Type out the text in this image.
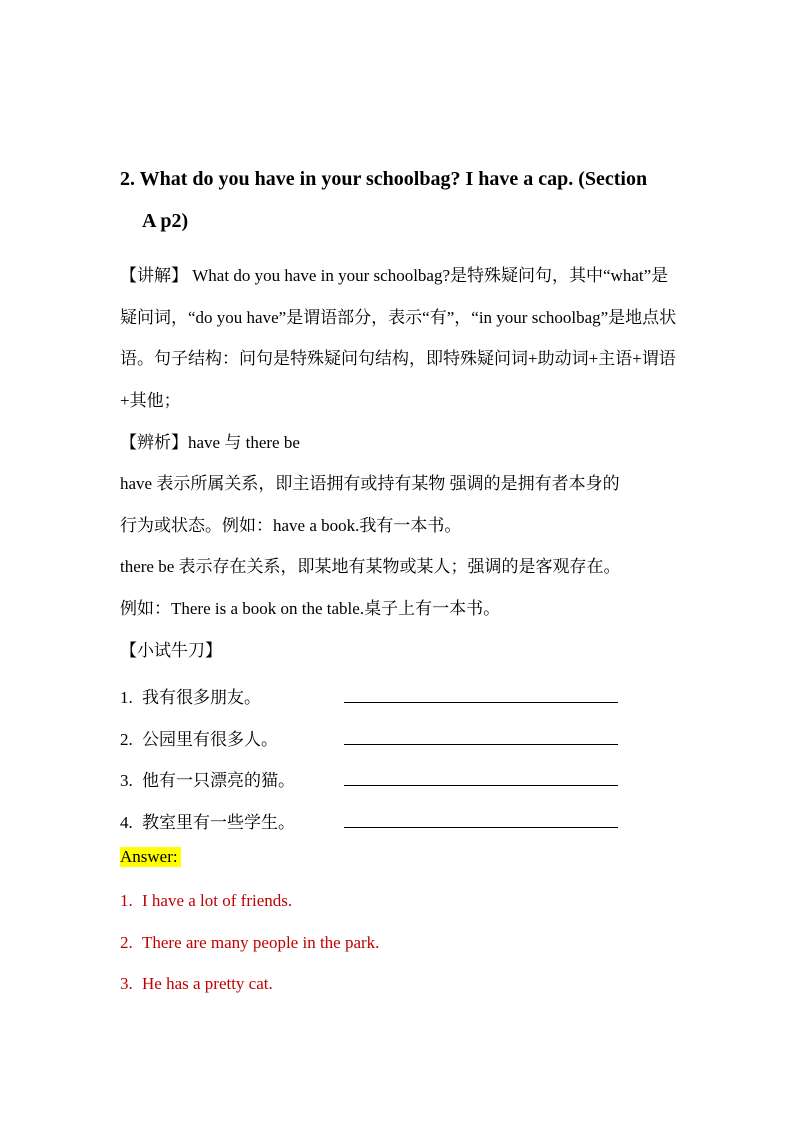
2. What do you have in your schoolbag? I have a cap. (Section
A p2)
【讲解】 What do you have in your schoolbag?是特殊疑问句，其中“what”是疑问词，“do you have”是谓语部分，表示“有”，“in your schoolbag”是地点状语。句子结构：问句是特殊疑问句结构，即特殊疑问词+助动词+主语+谓语+其他；
【辨析】have 与 there be
have 表示所属关系，即主语拥有或持有某物 强调的是拥有者本身的
行为或状态。例如：have a book.我有一本书。
there be 表示存在关系，即某地有某物或某人；强调的是客观存在。
例如：There is a book on the table.桌子上有一本书。
【小试牛刀】
1. 我有很多朋友。
2. 公园里有很多人。
3. 他有一只漂亮的猫。
4. 教室里有一些学生。
Answer:
1. I have a lot of friends.
2. There are many people in the park.
3. He has a pretty cat.
